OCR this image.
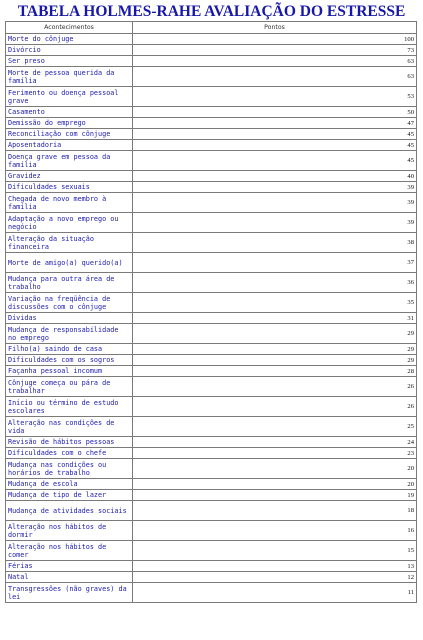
TABELA HOLMES-RAHE AVALIAÇÃO DO ESTRESSE
Acontecimentos	Pontos
Morte do cônjuge	100
Divórcio	73
Ser preso	63
Morte de pessoa querida da família	63
Ferimento ou doença pessoal grave	53
Casamento	50
Demissão do emprego	47
Reconciliação com cônjuge	45
Aposentadoria	45
Doença grave em pessoa da família	45
Gravidez	40
Dificuldades sexuais	39
Chegada de novo membro à família	39
Adaptação a novo emprego ou negócio	39
Alteração da situação financeira	38
Morte de amigo(a) querido(a)	37
Mudança para outra área de trabalho	36
Variação na freqüência de discussões com o cônjuge	35
Dívidas	31
Mudança de responsabilidade no emprego	29
Filho(a) saindo de casa	29
Dificuldades com os sogros	29
Façanha pessoal incomum	28
Cônjuge começa ou pára de trabalhar	26
Início ou término de estudo escolares	26
Alteração nas condições de vida	25
Revisão de hábitos pessoas	24
Dificuldades com o chefe	23
Mudança nas condições ou horários de trabalho	20
Mudança de escola	20
Mudança de tipo de lazer	19
Mudança de atividades sociais	18
Alteração nos hábitos de dormir	16
Alteração nos hábitos de comer	15
Férias	13
Natal	12
Transgressões (não graves) da lei	11
